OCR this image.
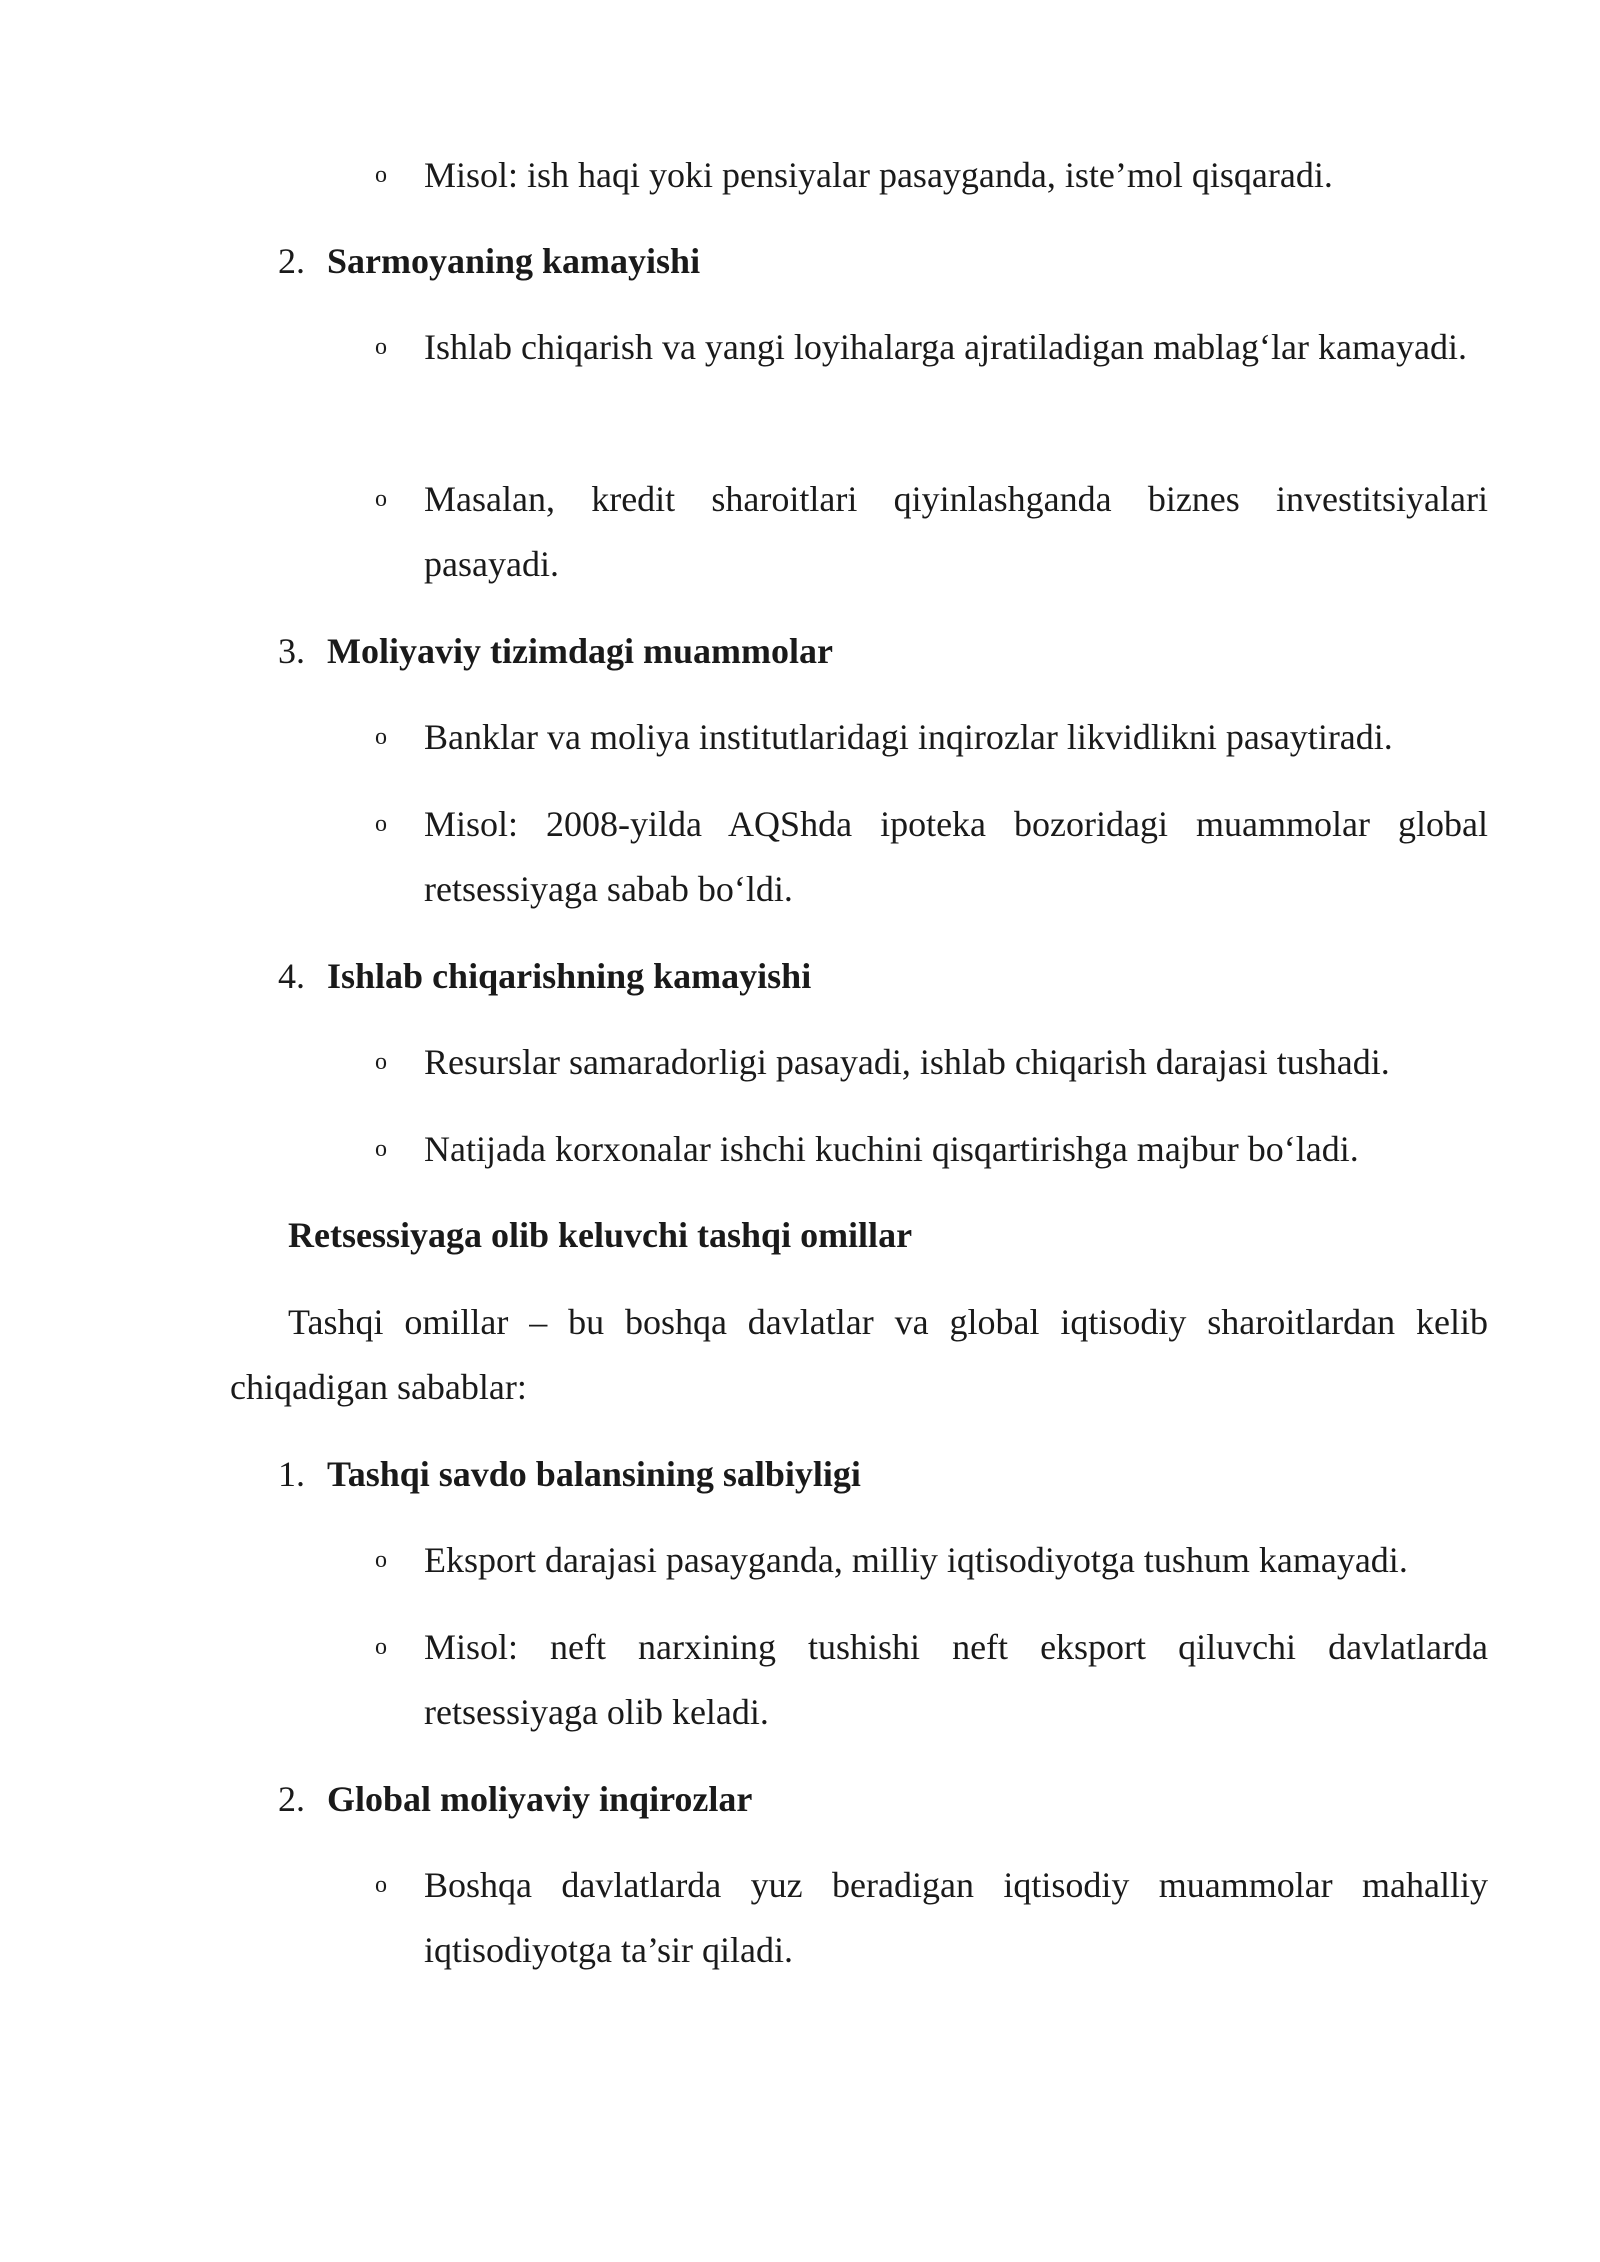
o Misol: ish haqi yoki pensiyalar pasayganda, iste’mol qisqaradi.
2. Sarmoyaning kamayishi
o Ishlab chiqarish va yangi loyihalarga ajratiladigan mablag‘lar kamayadi.
o Masalan, kredit sharoitlari qiyinlashganda biznes investitsiyalari pasayadi.
3. Moliyaviy tizimdagi muammolar
o Banklar va moliya institutlaridagi inqirozlar likvidlikni pasaytiradi.
o Misol: 2008-yilda AQShda ipoteka bozoridagi muammolar global retsessiyaga sabab bo‘ldi.
4. Ishlab chiqarishning kamayishi
o Resurslar samaradorligi pasayadi, ishlab chiqarish darajasi tushadi.
o Natijada korxonalar ishchi kuchini qisqartirishga majbur bo‘ladi.
Retsessiyaga olib keluvchi tashqi omillar
Tashqi omillar – bu boshqa davlatlar va global iqtisodiy sharoitlardan kelib chiqadigan sabablar:
1. Tashqi savdo balansining salbiyligi
o Eksport darajasi pasayganda, milliy iqtisodiyotga tushum kamayadi.
o Misol: neft narxining tushishi neft eksport qiluvchi davlatlarda retsessiyaga olib keladi.
2. Global moliyaviy inqirozlar
o Boshqa davlatlarda yuz beradigan iqtisodiy muammolar mahalliy iqtisodiyotga ta’sir qiladi.
